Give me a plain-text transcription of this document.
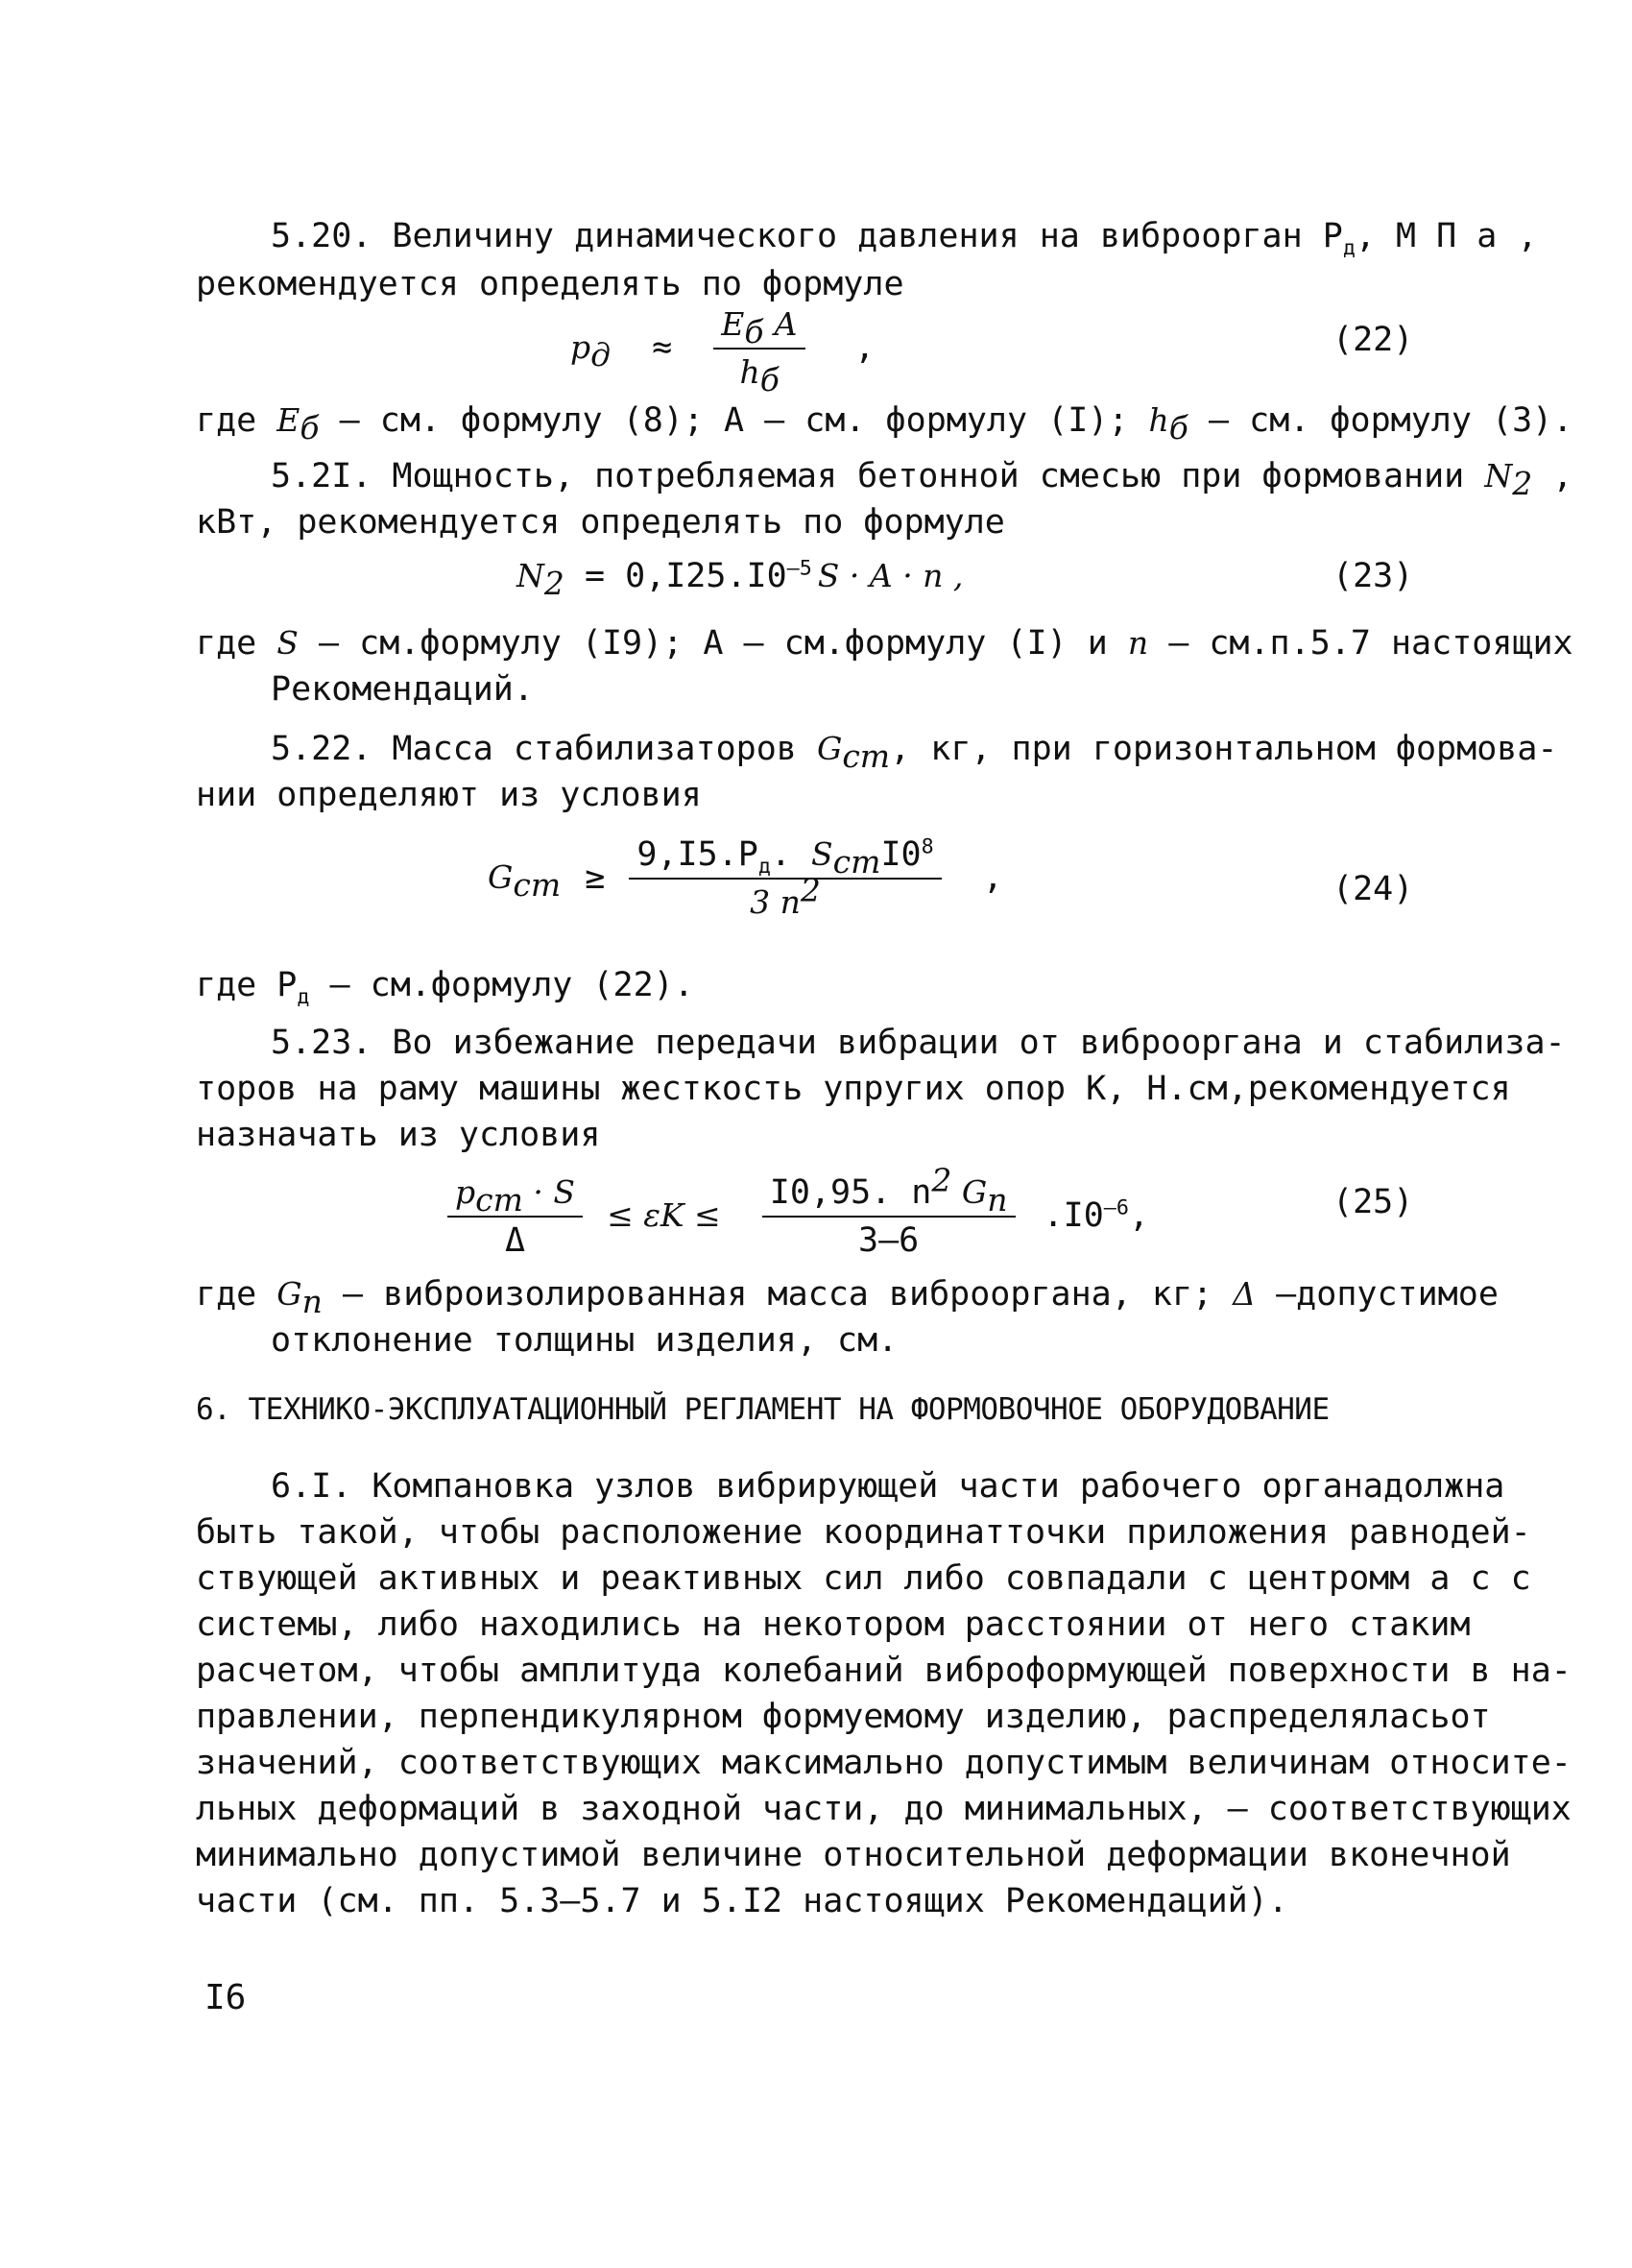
5.20. Величину динамического давления на виброорган $Р_д$, М П а ,
рекомендуется определять по формуле
$р_д \approx \frac{Е_б А}{h_б}$ ,	(22)
где $Е_б$ – см. формулу (8); А – см. формулу (I); $h_б$ – см. формулу (3).
5.2I. Мощность, потребляемая бетонной смесью при формовании $N_2$ ,
кВт, рекомендуется определять по формуле
$N_2 = 0,I25.I0^{-5}$ S · A · n ,	(23)
где S – см.формулу (I9); А – см.формулу (I) и n – см.п.5.7 настоящих
Рекомендаций.
5.22. Масса стабилизаторов $G_{cm}$, кг, при горизонтальном формова-
нии определяют из условия
$G_{cm} \ge \frac{9,I5.Р_д. S_{cm}I0^8}{3 n^2}$ ,	(24)
где $Р_д$ – см.формулу (22).
5.23. Во избежание передачи вибрации от виброоргана и стабилиза-
торов на раму машины жесткость упругих опор К, Н.см, рекомендуется
назначать из условия
$\frac{р_{cm} \cdot S}{\Delta} \le \varepsilon K \le \frac{I0,95. n^2 G_n}{3-6} .I0^{-6}$,	(25)
где $G_n$ – виброизолированная масса виброоргана, кг; Δ – допустимое
отклонение толщины изделия, см.
6. ТЕХНИКО-ЭКСПЛУАТАЦИОННЫЙ РЕГЛАМЕНТ НА ФОРМОВОЧНОЕ ОБОРУДОВАНИЕ
6.I. Компановка узлов вибрирующей части рабочего органа должна
быть такой, чтобы расположение координат точки приложения равнодей-
ствующей активных и реактивных сил либо совпадали с центром м а с с
системы, либо находились на некотором расстоянии от него с таким
расчетом, чтобы амплитуда колебаний виброформующей поверхности в на-
правлении, перпендикулярном формуемому изделию, распределялась от
значений, соответствующих максимально допустимым величинам относите-
льных деформаций в заходной части, до минимальных, – соответствующих
минимально допустимой величине относительной деформации в конечной
части (см. пп. 5.3–5.7 и 5.I2 настоящих Рекомендаций).
I6
